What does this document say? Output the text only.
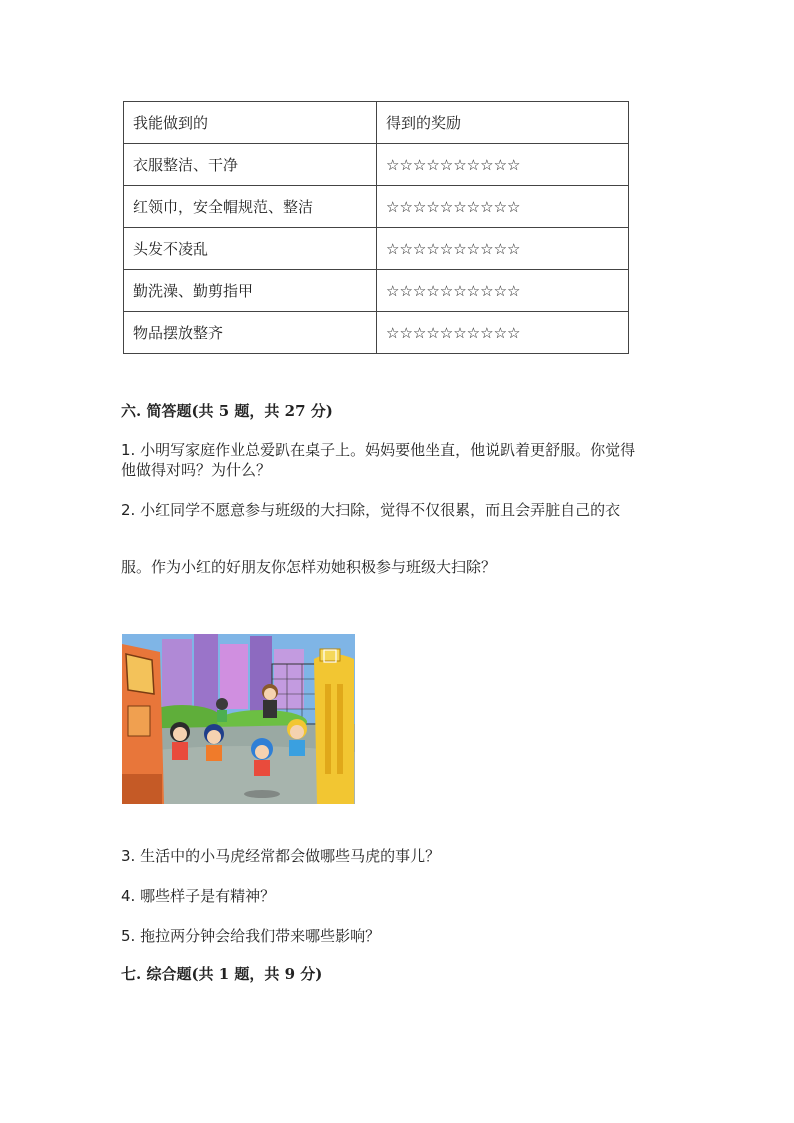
我能做到的	得到的奖励
衣服整洁、干净	☆☆☆☆☆☆☆☆☆☆
红领巾，安全帽规范、整洁	☆☆☆☆☆☆☆☆☆☆
头发不凌乱	☆☆☆☆☆☆☆☆☆☆
勤洗澡、勤剪指甲	☆☆☆☆☆☆☆☆☆☆
物品摆放整齐	☆☆☆☆☆☆☆☆☆☆
六. 简答题(共 5 题，共 27 分)
1. 小明写家庭作业总爱趴在桌子上。妈妈要他坐直，他说趴着更舒服。你觉得
他做得对吗？为什么？
2. 小红同学不愿意参与班级的大扫除，觉得不仅很累，而且会弄脏自己的衣
服。作为小红的好朋友你怎样劝她积极参与班级大扫除？
3. 生活中的小马虎经常都会做哪些马虎的事儿？
4. 哪些样子是有精神？
5. 拖拉两分钟会给我们带来哪些影响？
七. 综合题(共 1 题，共 9 分)
